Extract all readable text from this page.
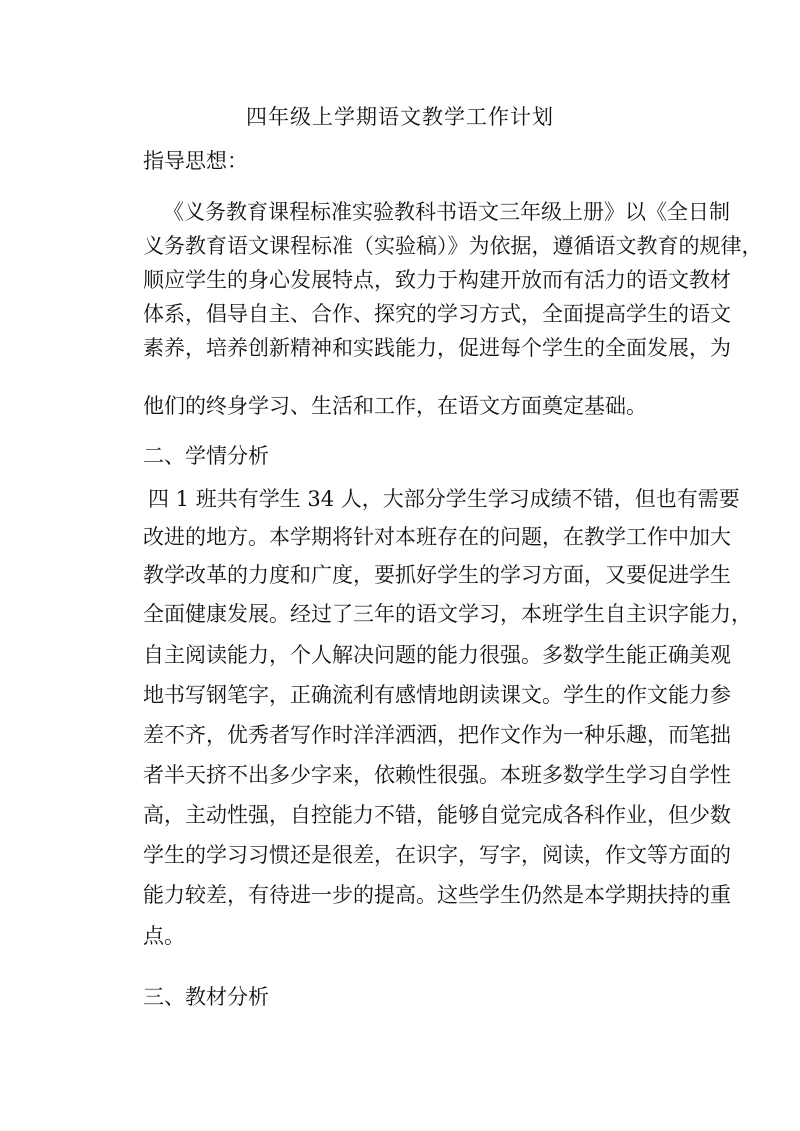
四年级上学期语文教学工作计划
指导思想：
《义务教育课程标准实验教科书语文三年级上册》以《全日制
义务教育语文课程标准（实验稿）》为依据，遵循语文教育的规律，
顺应学生的身心发展特点，致力于构建开放而有活力的语文教材
体系，倡导自主、合作、探究的学习方式，全面提高学生的语文
素养，培养创新精神和实践能力，促进每个学生的全面发展，为
他们的终身学习、生活和工作，在语文方面奠定基础。
二、学情分析
四 1 班共有学生 34 人，大部分学生学习成绩不错，但也有需要
改进的地方。本学期将针对本班存在的问题，在教学工作中加大
教学改革的力度和广度，要抓好学生的学习方面，又要促进学生
全面健康发展。经过了三年的语文学习，本班学生自主识字能力，
自主阅读能力，个人解决问题的能力很强。多数学生能正确美观
地书写钢笔字，正确流利有感情地朗读课文。学生的作文能力参
差不齐，优秀者写作时洋洋洒洒，把作文作为一种乐趣，而笔拙
者半天挤不出多少字来，依赖性很强。本班多数学生学习自学性
高，主动性强，自控能力不错，能够自觉完成各科作业，但少数
学生的学习习惯还是很差，在识字，写字，阅读，作文等方面的
能力较差，有待进一步的提高。这些学生仍然是本学期扶持的重
点。
三、教材分析
